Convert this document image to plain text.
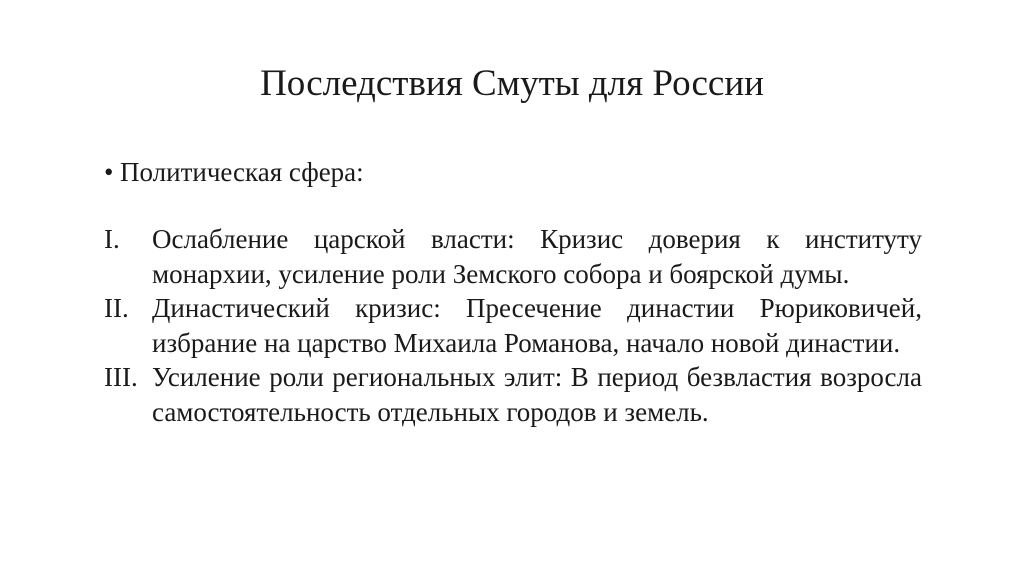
Последствия Смуты для России
• Политическая сфера:
I.	Ослабление царской власти: Кризис доверия к институту монархии, усиление роли Земского собора и боярской думы.
II. Династический кризис: Пресечение династии Рюриковичей, избрание на царство Михаила Романова, начало новой династии.
III. Усиление роли региональных элит: В период безвластия возросла самостоятельность отдельных городов и земель.
